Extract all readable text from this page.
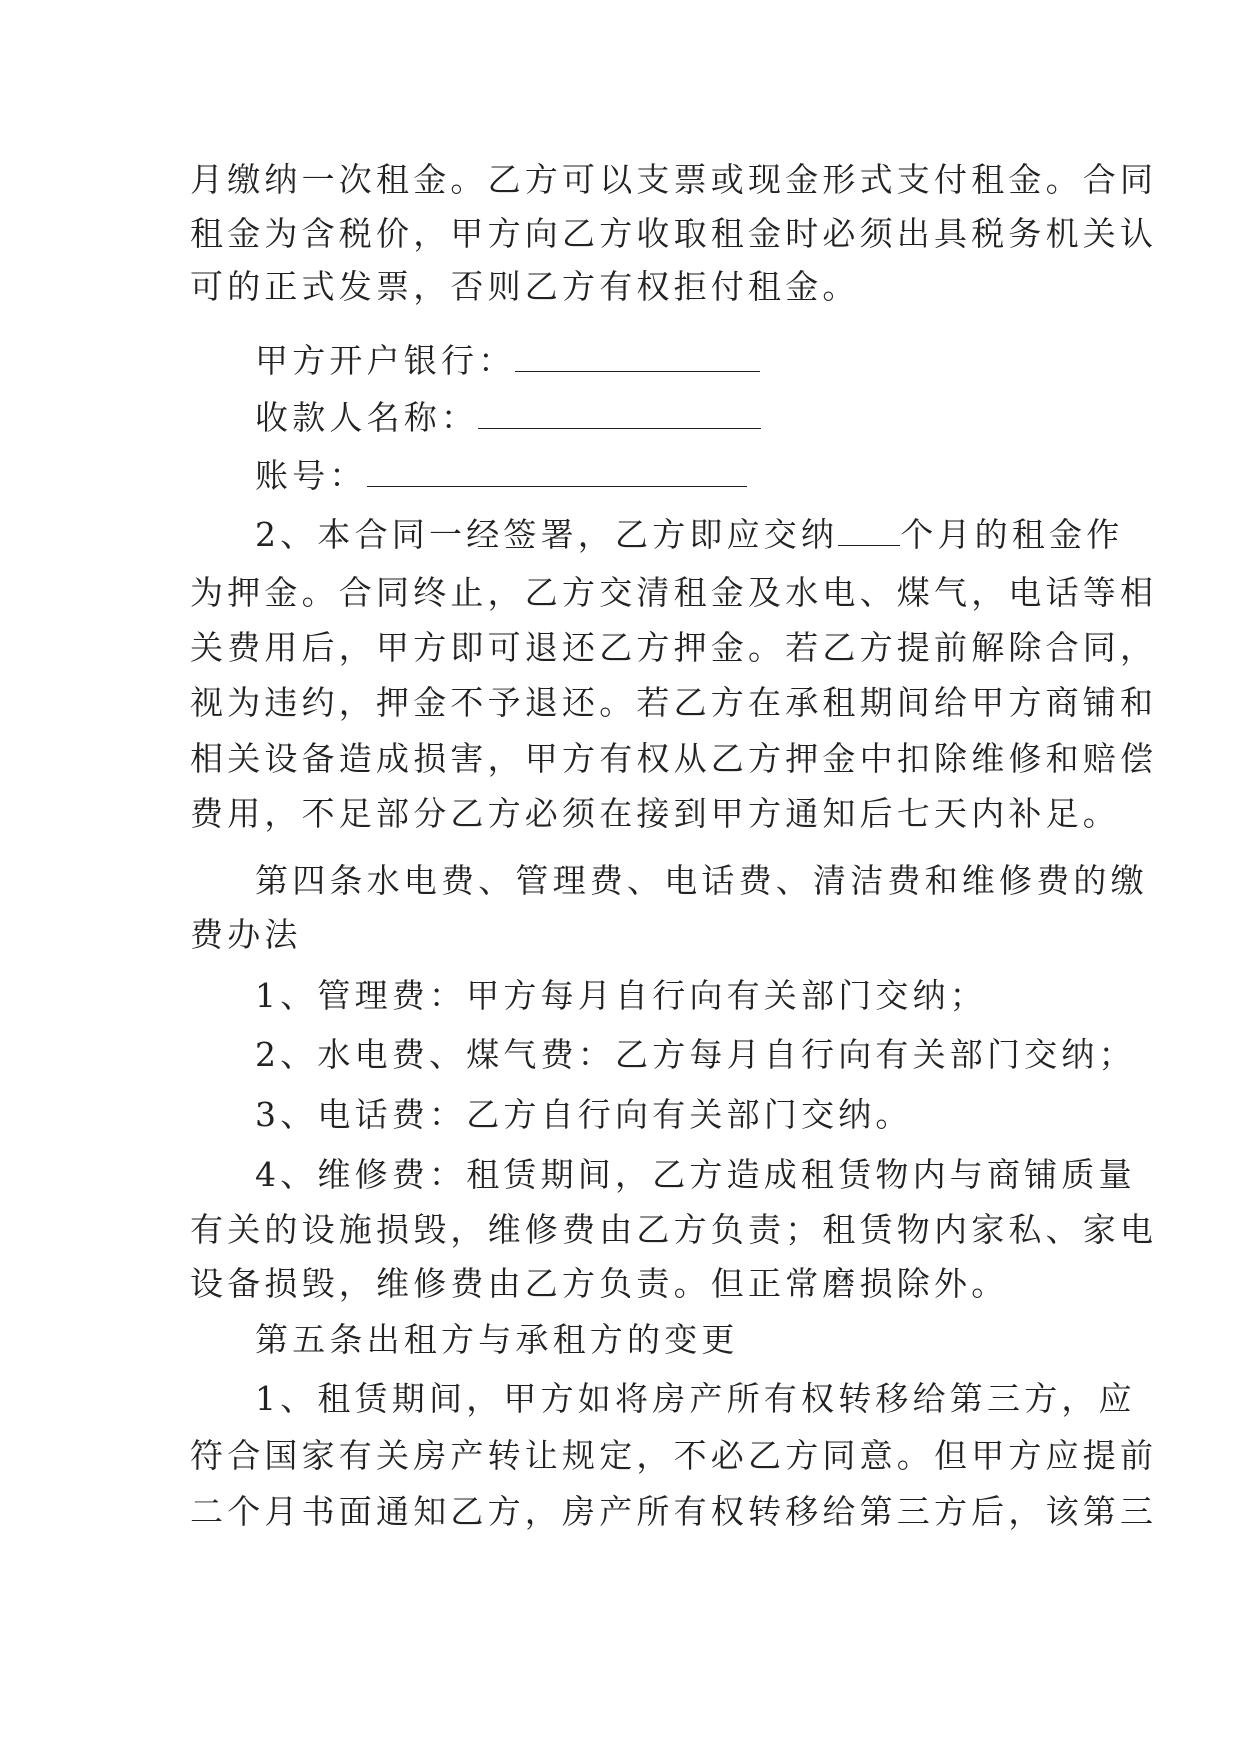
月缴纳一次租金。乙方可以支票或现金形式支付租金。合同
租金为含税价，甲方向乙方收取租金时必须出具税务机关认
可的正式发票，否则乙方有权拒付租金。
甲方开户银行：
收款人名称：
账号：
2、本合同一经签署，乙方即应交纳 个月的租金作
为押金。合同终止，乙方交清租金及水电、煤气，电话等相
关费用后，甲方即可退还乙方押金。若乙方提前解除合同，
视为违约，押金不予退还。若乙方在承租期间给甲方商铺和
相关设备造成损害，甲方有权从乙方押金中扣除维修和赔偿
费用，不足部分乙方必须在接到甲方通知后七天内补足。
第四条水电费、管理费、电话费、清洁费和维修费的缴
费办法
1、管理费：甲方每月自行向有关部门交纳；
2、水电费、煤气费：乙方每月自行向有关部门交纳；
3、电话费：乙方自行向有关部门交纳。
4、维修费：租赁期间，乙方造成租赁物内与商铺质量
有关的设施损毁，维修费由乙方负责；租赁物内家私、家电
设备损毁，维修费由乙方负责。但正常磨损除外。
第五条出租方与承租方的变更
1、租赁期间，甲方如将房产所有权转移给第三方，应
符合国家有关房产转让规定，不必乙方同意。但甲方应提前
二个月书面通知乙方，房产所有权转移给第三方后，该第三
